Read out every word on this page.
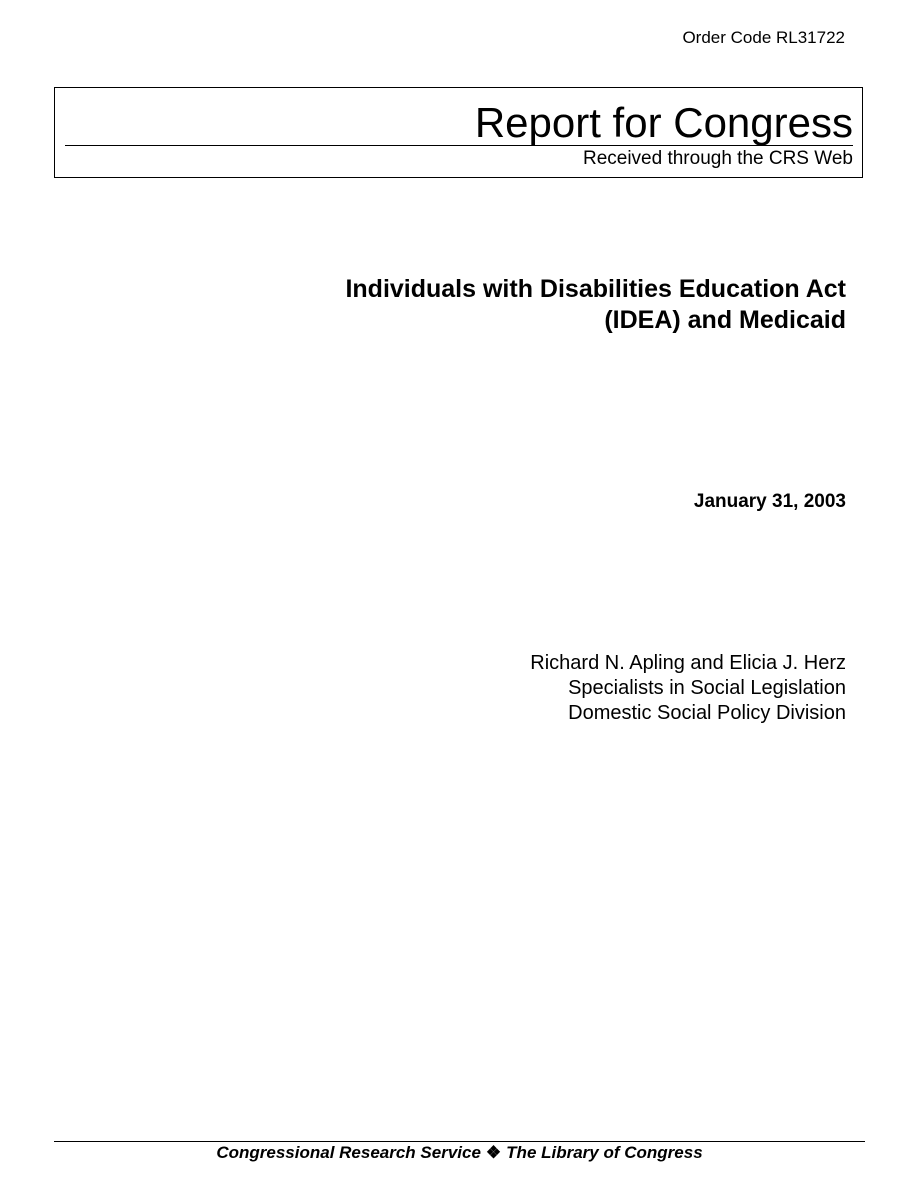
Order Code RL31722
Report for Congress
Received through the CRS Web
Individuals with Disabilities Education Act
(IDEA) and Medicaid
January 31, 2003
Richard N. Apling and Elicia J. Herz
Specialists in Social Legislation
Domestic Social Policy Division
Congressional Research Service ❖ The Library of Congress
